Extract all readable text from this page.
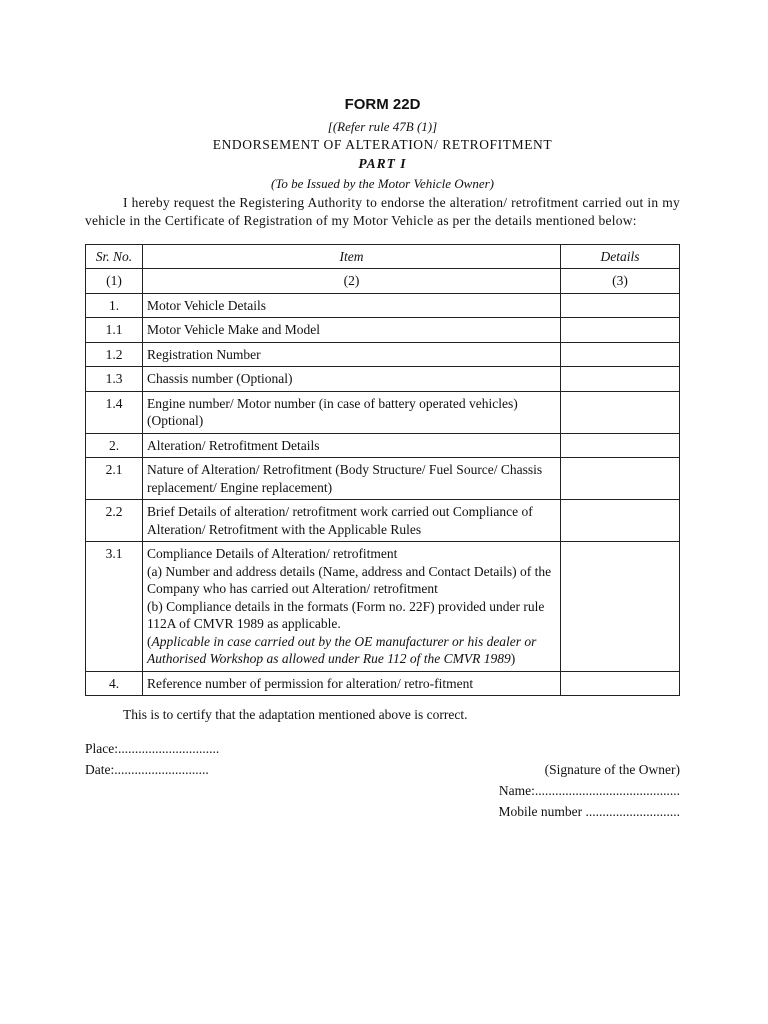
FORM 22D

[(Refer rule 47B (1)]

ENDORSEMENT OF ALTERATION/ RETROFITMENT

PART I

(To be Issued by the Motor Vehicle Owner)

I hereby request the Registering Authority to endorse the alteration/ retrofitment carried out in my vehicle in the Certificate of Registration of my Motor Vehicle as per the details mentioned below:

Sr. No.	Item	Details
(1)	(2)	(3)
1.	Motor Vehicle Details	
1.1	Motor Vehicle Make and Model	
1.2	Registration Number	
1.3	Chassis number (Optional)	
1.4	Engine number/ Motor number (in case of battery operated vehicles) (Optional)	
2.	Alteration/ Retrofitment Details	
2.1	Nature of Alteration/ Retrofitment (Body Structure/ Fuel Source/ Chassis replacement/ Engine replacement)	
2.2	Brief Details of alteration/ retrofitment work carried out Compliance of Alteration/ Retrofitment with the Applicable Rules	
3.1	Compliance Details of Alteration/ retrofitment
(a) Number and address details (Name, address and Contact Details) of the Company who has carried out Alteration/ retrofitment
(b) Compliance details in the formats (Form no. 22F) provided under rule 112A of CMVR 1989 as applicable.
(Applicable in case carried out by the OE manufacturer or his dealer or Authorised Workshop as allowed under Rue 112 of the CMVR 1989)	

4.	Reference number of permission for alteration/ retro-fitment	

This is to certify that the adaptation mentioned above is correct.

Place:..............................

Date:............................	(Signature of the Owner)

Name:...........................................

Mobile number ............................
